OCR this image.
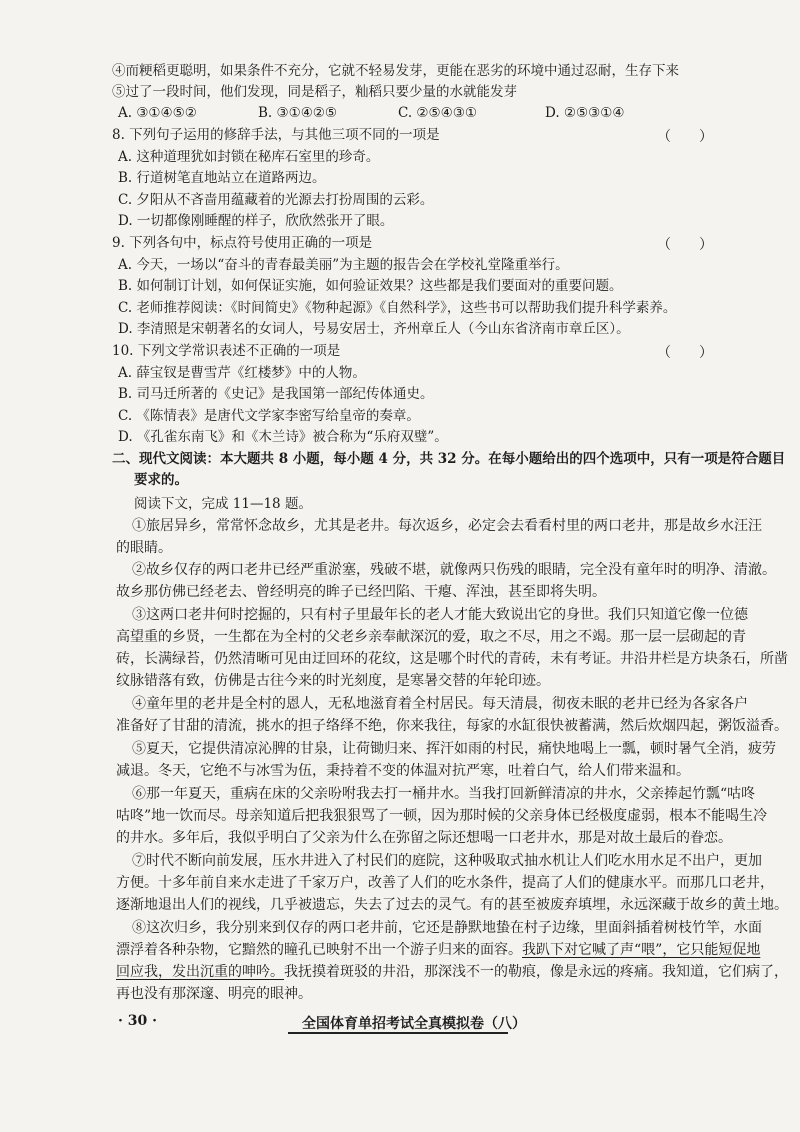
④而粳稻更聪明，如果条件不充分，它就不轻易发芽，更能在恶劣的环境中通过忍耐，生存下来

⑤过了一段时间，他们发现，同是稻子，籼稻只要少量的水就能发芽

A. ③①④⑤②	B. ③①④②⑤	C. ②⑤④③①	D. ②⑤③①④

8. 下列句子运用的修辞手法，与其他三项不同的一项是	（　　）

A. 这种道理犹如封锁在秘库石室里的珍奇。

B. 行道树笔直地站立在道路两边。

C. 夕阳从不吝啬用蕴藏着的光源去打扮周围的云彩。

D. 一切都像刚睡醒的样子，欣欣然张开了眼。

9. 下列各句中，标点符号使用正确的一项是	（　　）

A. 今天，一场以“奋斗的青春最美丽”为主题的报告会在学校礼堂隆重举行。

B. 如何制订计划，如何保证实施，如何验证效果？这些都是我们要面对的重要问题。

C. 老师推荐阅读：《时间简史》《物种起源》《自然科学》，这些书可以帮助我们提升科学素养。

D. 李清照是宋朝著名的女词人，号易安居士，齐州章丘人（今山东省济南市章丘区）。

10. 下列文学常识表述不正确的一项是	（　　）

A. 薛宝钗是曹雪芹《红楼梦》中的人物。

B. 司马迁所著的《史记》是我国第一部纪传体通史。

C. 《陈情表》是唐代文学家李密写给皇帝的奏章。

D. 《孔雀东南飞》和《木兰诗》被合称为“乐府双璧”。

二、现代文阅读：本大题共 8 小题，每小题 4 分，共 32 分。在每小题给出的四个选项中，只有一项是符合题目

要求的。

阅读下文，完成 11—18 题。

①旅居异乡，常常怀念故乡，尤其是老井。每次返乡，必定会去看看村里的两口老井，那是故乡水汪汪

的眼睛。

②故乡仅存的两口老井已经严重淤塞，残破不堪，就像两只伤残的眼睛，完全没有童年时的明净、清澈。

故乡那仿佛已经老去、曾经明亮的眸子已经凹陷、干瘪、浑浊，甚至即将失明。

③这两口老井何时挖掘的，只有村子里最年长的老人才能大致说出它的身世。我们只知道它像一位德

高望重的乡贤，一生都在为全村的父老乡亲奉献深沉的爱，取之不尽，用之不竭。那一层一层砌起的青

砖，长满绿苔，仍然清晰可见由迂回环的花纹，这是哪个时代的青砖，未有考证。井沿井栏是方块条石，所凿

纹脉错落有致，仿佛是古往今来的时光刻度，是寒暑交替的年轮印迹。

④童年里的老井是全村的恩人，无私地滋育着全村居民。每天清晨，彻夜未眠的老井已经为各家各户

准备好了甘甜的清流，挑水的担子络绎不绝，你来我往，每家的水缸很快被蓄满，然后炊烟四起，粥饭溢香。

⑤夏天，它提供清凉沁脾的甘泉，让荷锄归来、挥汗如雨的村民，痛快地喝上一瓢，顿时暑气全消，疲劳

减退。冬天，它绝不与冰雪为伍，秉持着不变的体温对抗严寒，吐着白气，给人们带来温和。

⑥那一年夏天，重病在床的父亲吩咐我去打一桶井水。当我打回新鲜清凉的井水，父亲捧起竹瓢“咕咚

咕咚”地一饮而尽。母亲知道后把我狠狠骂了一顿，因为那时候的父亲身体已经极度虚弱，根本不能喝生冷

的井水。多年后，我似乎明白了父亲为什么在弥留之际还想喝一口老井水，那是对故土最后的眷恋。

⑦时代不断向前发展，压水井进入了村民们的庭院，这种吸取式抽水机让人们吃水用水足不出户，更加

方便。十多年前自来水走进了千家万户，改善了人们的吃水条件，提高了人们的健康水平。而那几口老井，

逐渐地退出人们的视线，几乎被遗忘，失去了过去的灵气。有的甚至被废弃填埋，永远深藏于故乡的黄土地。

⑧这次归乡，我分别来到仅存的两口老井前，它还是静默地蛰在村子边缘，里面斜插着树枝竹竿，水面

漂浮着各种杂物，它黯然的瞳孔已映射不出一个游子归来的面容。我趴下对它喊了声“喂”，它只能短促地

回应我，发出沉重的呻吟。我抚摸着斑驳的井沿，那深浅不一的勒痕，像是永远的疼痛。我知道，它们病了，

再也没有那深邃、明亮的眼神。

· 30 ·	全国体育单招考试全真模拟卷（八）
